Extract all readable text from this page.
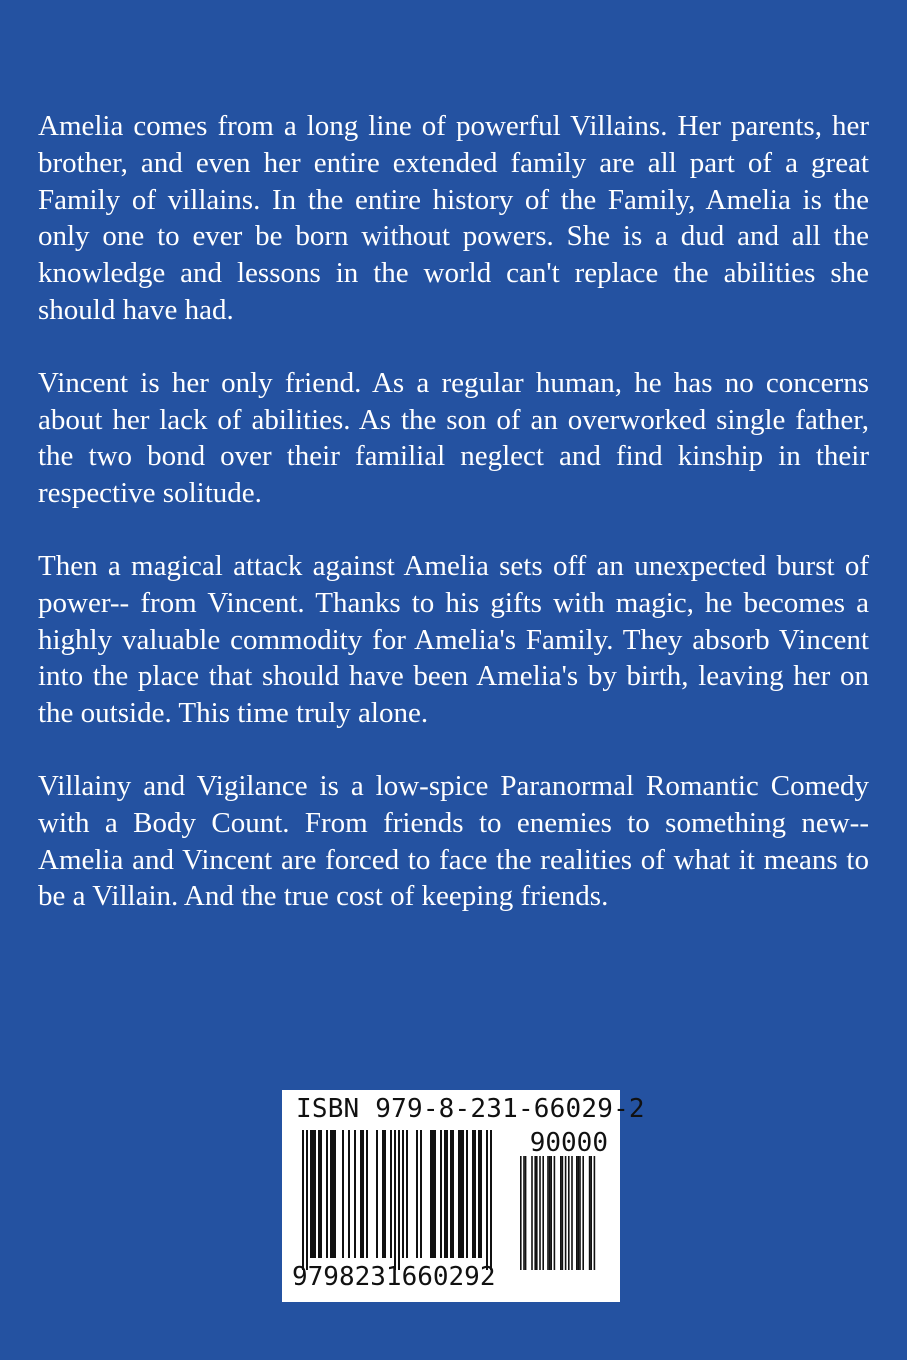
Amelia comes from a long line of powerful Villains. Her parents, her brother, and even her entire extended family are all part of a great Family of villains. In the entire history of the Family, Amelia is the only one to ever be born without powers. She is a dud and all the knowledge and lessons in the world can't replace the abilities she should have had.

Vincent is her only friend. As a regular human, he has no concerns about her lack of abilities. As the son of an overworked single father, the two bond over their familial neglect and find kinship in their respective solitude.

Then a magical attack against Amelia sets off an unexpected burst of power-- from Vincent. Thanks to his gifts with magic, he becomes a highly valuable commodity for Amelia's Family. They absorb Vincent into the place that should have been Amelia's by birth, leaving her on the outside. This time truly alone.

Villainy and Vigilance is a low-spice Paranormal Romantic Comedy with a Body Count. From friends to enemies to something new-- Amelia and Vincent are forced to face the realities of what it means to be a Villain. And the true cost of keeping friends.

ISBN 979-8-231-66029-2
90000
9798231660292
